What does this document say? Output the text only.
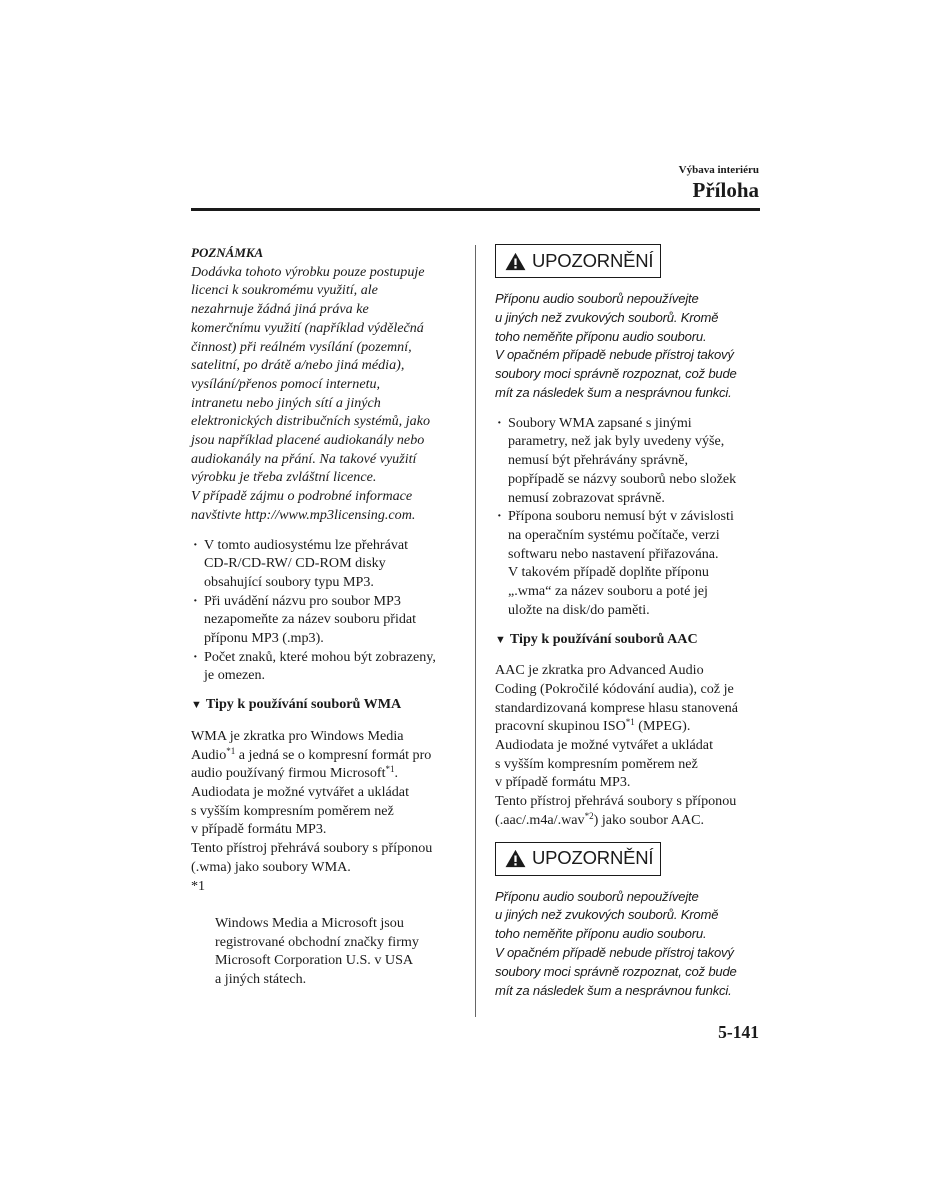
Výbava interiéru
Příloha

POZNÁMKA

Dodávka tohoto výrobku pouze postupuje
licenci k soukromému využití, ale
nezahrnuje žádná jiná práva ke
komerčnímu využití (například výdělečná
činnost) při reálném vysílání (pozemní,
satelitní, po drátě a/nebo jiná média),
vysílání/přenos pomocí internetu,
intranetu nebo jiných sítí a jiných
elektronických distribučních systémů, jako
jsou například placené audiokanály nebo
audiokanály na přání. Na takové využití
výrobku je třeba zvláštní licence.
V případě zájmu o podrobné informace
navštivte http://www.mp3licensing.com.

· V tomto audiosystému lze přehrávat
CD-R/CD-RW/ CD-ROM disky
obsahující soubory typu MP3.
· Při uvádění názvu pro soubor MP3
nezapomeňte za název souboru přidat
příponu MP3 (.mp3).
· Počet znaků, které mohou být zobrazeny,
je omezen.

▼ Tipy k používání souborů WMA

WMA je zkratka pro Windows Media
Audio$^{*1}$ a jedná se o kompresní formát pro
audio používaný firmou Microsoft$^{*1}$.
Audiodata je možné vytvářet a ukládat
s vyšším kompresním poměrem než
v případě formátu MP3.
Tento přístroj přehrává soubory s příponou
(.wma) jako soubory WMA.

*1

Windows Media a Microsoft jsou
registrované obchodní značky firmy
Microsoft Corporation U.S. v USA
a jiných státech.

UPOZORNĚNÍ

Příponu audio souborů nepoužívejte
u jiných než zvukových souborů. Kromě
toho neměňte příponu audio souboru.
V opačném případě nebude přístroj takový
soubory moci správně rozpoznat, což bude
mít za následek šum a nesprávnou funkci.

· Soubory WMA zapsané s jinými
parametry, než jak byly uvedeny výše,
nemusí být přehrávány správně,
popřípadě se názvy souborů nebo složek
nemusí zobrazovat správně.
· Přípona souboru nemusí být v závislosti
na operačním systému počítače, verzi
softwaru nebo nastavení přiřazována.
V takovém případě doplňte příponu
„.wma“ za název souboru a poté jej
uložte na disk/do paměti.

▼ Tipy k používání souborů AAC

AAC je zkratka pro Advanced Audio
Coding (Pokročilé kódování audia), což je
standardizovaná komprese hlasu stanovená
pracovní skupinou ISO$^{*1}$ (MPEG).
Audiodata je možné vytvářet a ukládat
s vyšším kompresním poměrem než
v případě formátu MP3.
Tento přístroj přehrává soubory s příponou
(.aac/.m4a/.wav$^{*2}$) jako soubor AAC.

UPOZORNĚNÍ

Příponu audio souborů nepoužívejte
u jiných než zvukových souborů. Kromě
toho neměňte příponu audio souboru.
V opačném případě nebude přístroj takový
soubory moci správně rozpoznat, což bude
mít za následek šum a nesprávnou funkci.

5-141
